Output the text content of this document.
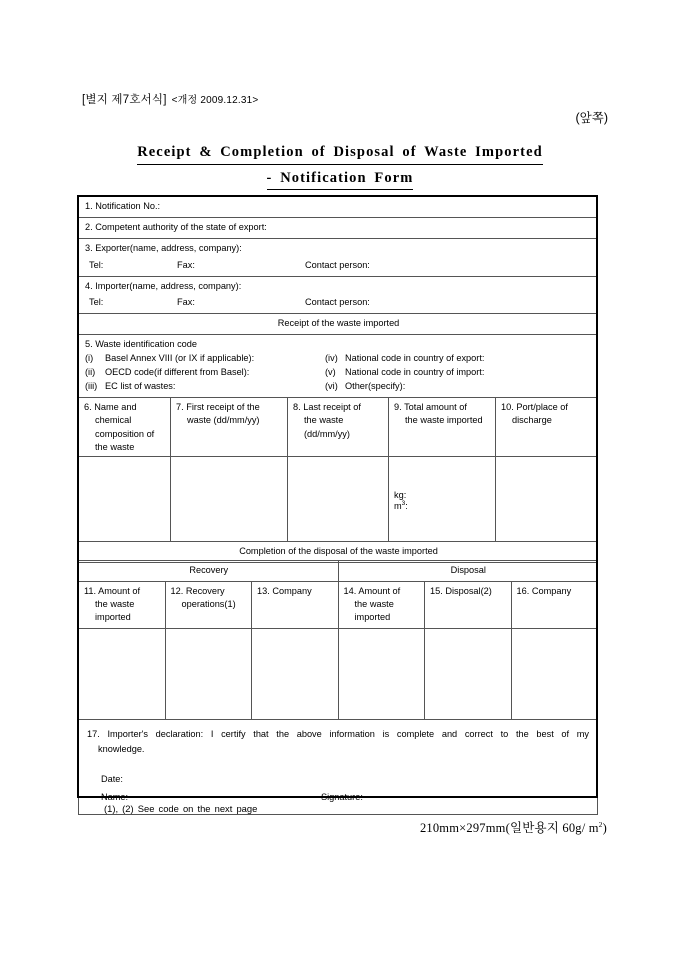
[별지 제7호서식] <개정 2009.12.31>
(앞쪽)
Receipt & Completion of Disposal of Waste Imported
- Notification Form
1. Notification No.:				

2. Competent authority of the state of export:				

3. Exporter(name, address, company):
Tel: Fax: Contact person:				

4. Importer(name, address, company):
Tel: Fax: Contact person:				

Receipt of the waste imported				

5. Waste identification code
(i) Basel Annex VIII (or IX if applicable):
(ii) OECD code(if different from Basel):
(iii) EC list of wastes:
(iv) National code in country of export:
(v) National code in country of import:
(vi) Other(specify):

6. Name and
chemical
composition of
the waste	7. First receipt of the
waste (dd/mm/yy)	8. Last receipt of
the waste
(dd/mm/yy)	9. Total amount of
the waste imported	10. Port/place of
discharge

			kg:
$m^3$:	

Completion of the disposal of the waste imported				
Recovery			Disposal		

11. Amount of
the waste
imported	12. Recovery
operations(1)	13. Company	14. Amount of
the waste
imported	15. Disposal(2)	16. Company

17. Importer's declaration: I certify that the above information is complete and correct to the best of my
knowledge.
Date:
Name: Signature:					
(1), (2) See code on the next page
210mm×297mm(일반용지 60g/ $m^2$)
